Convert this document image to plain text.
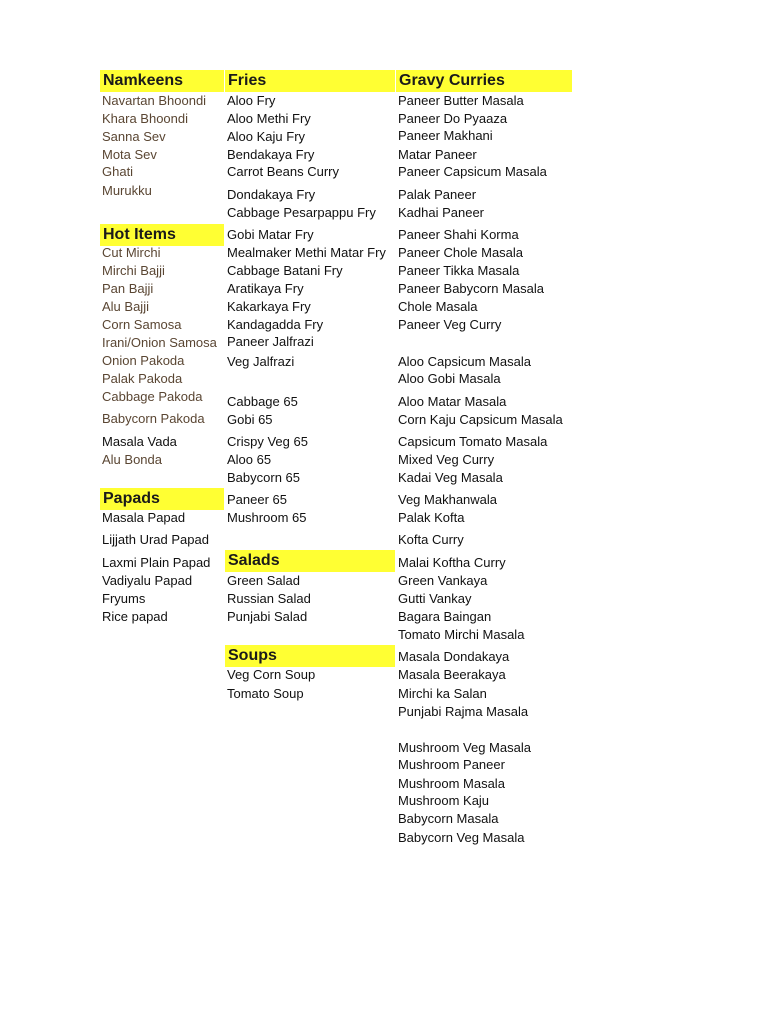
Namkeens
Navartan Bhoondi
Khara Bhoondi
Sanna Sev
Mota Sev
Ghati
Murukku
Hot Items
Cut Mirchi
Mirchi Bajji
Pan Bajji
Alu Bajji
Corn Samosa
Irani/Onion Samosa
Onion Pakoda
Palak Pakoda
Cabbage Pakoda
Babycorn Pakoda
Masala Vada
Alu Bonda
Papads
Masala Papad
Lijjath Urad Papad
Laxmi Plain Papad
Vadiyalu Papad
Fryums
Rice papad
Fries
Aloo Fry
Aloo Methi Fry
Aloo Kaju Fry
Bendakaya Fry
Carrot Beans Curry
Dondakaya Fry
Cabbage Pesarpappu Fry
Gobi Matar Fry
Mealmaker Methi Matar Fry
Cabbage Batani Fry
Aratikaya Fry
Kakarkaya Fry
Kandagadda Fry
Paneer Jalfrazi
Veg Jalfrazi
Cabbage 65
Gobi 65
Crispy Veg 65
Aloo 65
Babycorn 65
Paneer 65
Mushroom 65
Salads
Green Salad
Russian Salad
Punjabi Salad
Soups
Veg Corn Soup
Tomato Soup
Gravy Curries
Paneer Butter Masala
Paneer Do Pyaaza
Paneer Makhani
Matar Paneer
Paneer Capsicum Masala
Palak Paneer
Kadhai Paneer
Paneer Shahi Korma
Paneer Chole Masala
Paneer Tikka Masala
Paneer Babycorn Masala
Chole Masala
Paneer Veg Curry
Aloo Capsicum Masala
Aloo Gobi Masala
Aloo Matar Masala
Corn Kaju Capsicum Masala
Capsicum Tomato Masala
Mixed Veg Curry
Kadai Veg Masala
Veg Makhanwala
Palak Kofta
Kofta Curry
Malai Koftha Curry
Green Vankaya
Gutti Vankay
Bagara Baingan
Tomato Mirchi Masala
Masala Dondakaya
Masala Beerakaya
Mirchi ka Salan
Punjabi Rajma Masala
Mushroom Veg Masala
Mushroom Paneer
Mushroom Masala
Mushroom Kaju
Babycorn Masala
Babycorn Veg Masala
